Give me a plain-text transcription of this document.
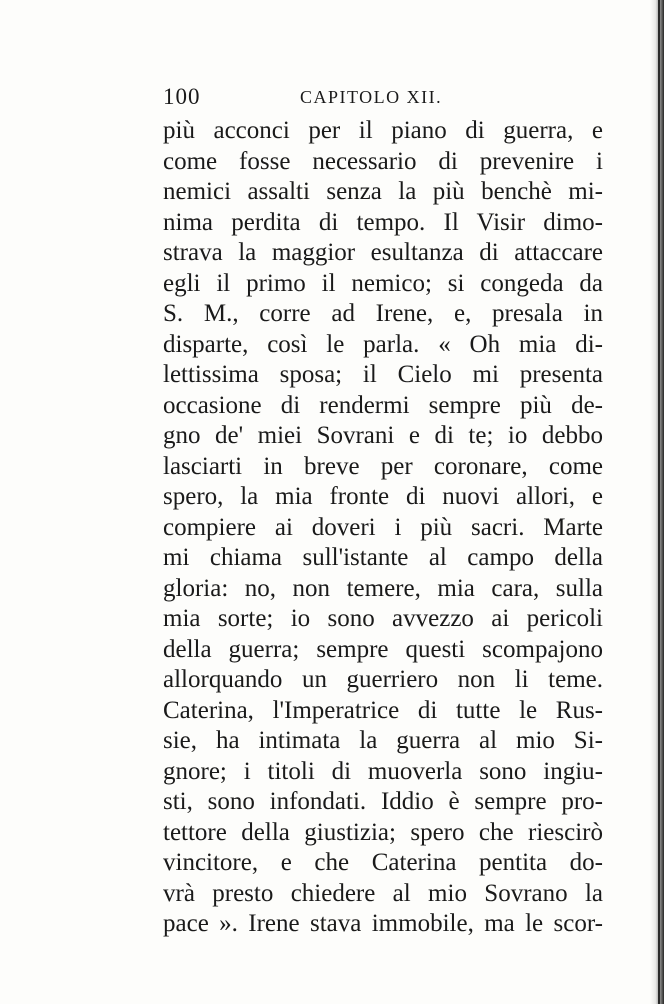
100	CAPITOLO XII.
più acconci per il piano di guerra, e
come fosse necessario di prevenire i
nemici assalti senza la più benchè mi-
nima perdita di tempo. Il Visir dimo-
strava la maggior esultanza di attaccare
egli il primo il nemico; si congeda da
S. M., corre ad Irene, e, presala in
disparte, così le parla. « Oh mia di-
lettissima sposa; il Cielo mi presenta
occasione di rendermi sempre più de-
gno de' miei Sovrani e di te; io debbo
lasciarti in breve per coronare, come
spero, la mia fronte di nuovi allori, e
compiere ai doveri i più sacri. Marte
mi chiama sull'istante al campo della
gloria: no, non temere, mia cara, sulla
mia sorte; io sono avvezzo ai pericoli
della guerra; sempre questi scompajono
allorquando un guerriero non li teme.
Caterina, l'Imperatrice di tutte le Rus-
sie, ha intimata la guerra al mio Si-
gnore; i titoli di muoverla sono ingiu-
sti, sono infondati. Iddio è sempre pro-
tettore della giustizia; spero che riescirò
vincitore, e che Caterina pentita do-
vrà presto chiedere al mio Sovrano la
pace ». Irene stava immobile, ma le scor-
